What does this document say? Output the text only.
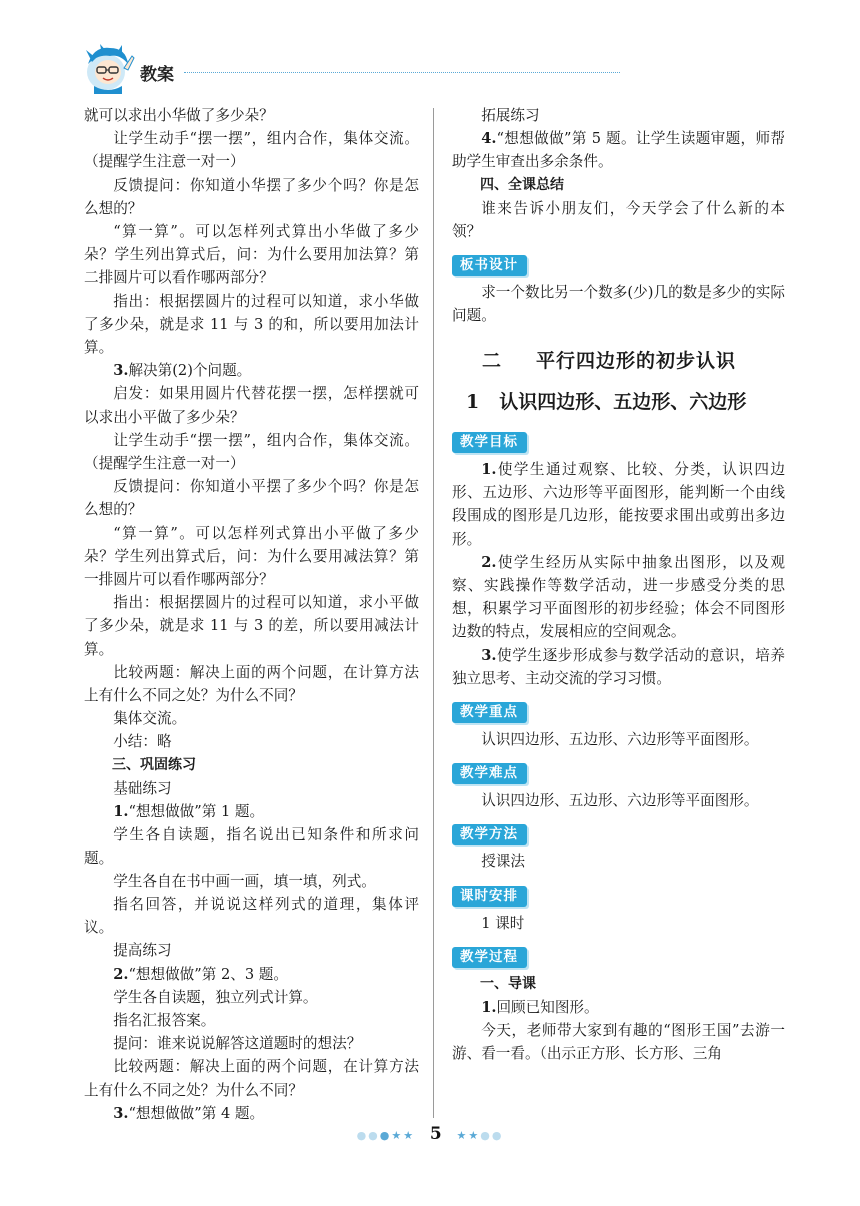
教案

就可以求出小华做了多少朵？

让学生动手“摆一摆”，组内合作，集体交流。（提醒学生注意一对一）

反馈提问：你知道小华摆了多少个吗？你是怎么想的？

“算一算”。可以怎样列式算出小华做了多少朵？学生列出算式后，问：为什么要用加法算？第二排圆片可以看作哪两部分？

指出：根据摆圆片的过程可以知道，求小华做了多少朵，就是求 11 与 3 的和，所以要用加法计算。

3.解决第(2)个问题。

启发：如果用圆片代替花摆一摆，怎样摆就可以求出小平做了多少朵？

让学生动手“摆一摆”，组内合作，集体交流。（提醒学生注意一对一）

反馈提问：你知道小平摆了多少个吗？你是怎么想的？

“算一算”。可以怎样列式算出小平做了多少朵？学生列出算式后，问：为什么要用减法算？第一排圆片可以看作哪两部分？

指出：根据摆圆片的过程可以知道，求小平做了多少朵，就是求 11 与 3 的差，所以要用减法计算。

比较两题：解决上面的两个问题，在计算方法上有什么不同之处？为什么不同？

集体交流。

小结：略

三、巩固练习

基础练习

1.“想想做做”第 1 题。

学生各自读题，指名说出已知条件和所求问题。

学生各自在书中画一画，填一填，列式。

指名回答，并说说这样列式的道理，集体评议。

提高练习

2.“想想做做”第 2、3 题。

学生各自读题，独立列式计算。

指名汇报答案。

提问：谁来说说解答这道题时的想法？

比较两题：解决上面的两个问题，在计算方法上有什么不同之处？为什么不同？

3.“想想做做”第 4 题。

拓展练习

4.“想想做做”第 5 题。让学生读题审题，师帮助学生审查出多余条件。

四、全课总结

谁来告诉小朋友们，今天学会了什么新的本领？

板书设计

求一个数比另一个数多(少)几的数是多少的实际问题。

二 平行四边形的初步认识
1 认识四边形、五边形、六边形
教学目标

1.使学生通过观察、比较、分类，认识四边形、五边形、六边形等平面图形，能判断一个由线段围成的图形是几边形，能按要求围出或剪出多边形。

2.使学生经历从实际中抽象出图形，以及观察、实践操作等数学活动，进一步感受分类的思想，积累学习平面图形的初步经验；体会不同图形边数的特点，发展相应的空间观念。

3.使学生逐步形成参与数学活动的意识，培养独立思考、主动交流的学习习惯。

教学重点

认识四边形、五边形、六边形等平面图形。

教学难点

认识四边形、五边形、六边形等平面图形。

教学方法

授课法

课时安排

1 课时

教学过程

一、导课

1.回顾已知图形。

今天，老师带大家到有趣的“图形王国”去游一游、看一看。（出示正方形、长方形、三角

●●●★★ 5 ★★●●
